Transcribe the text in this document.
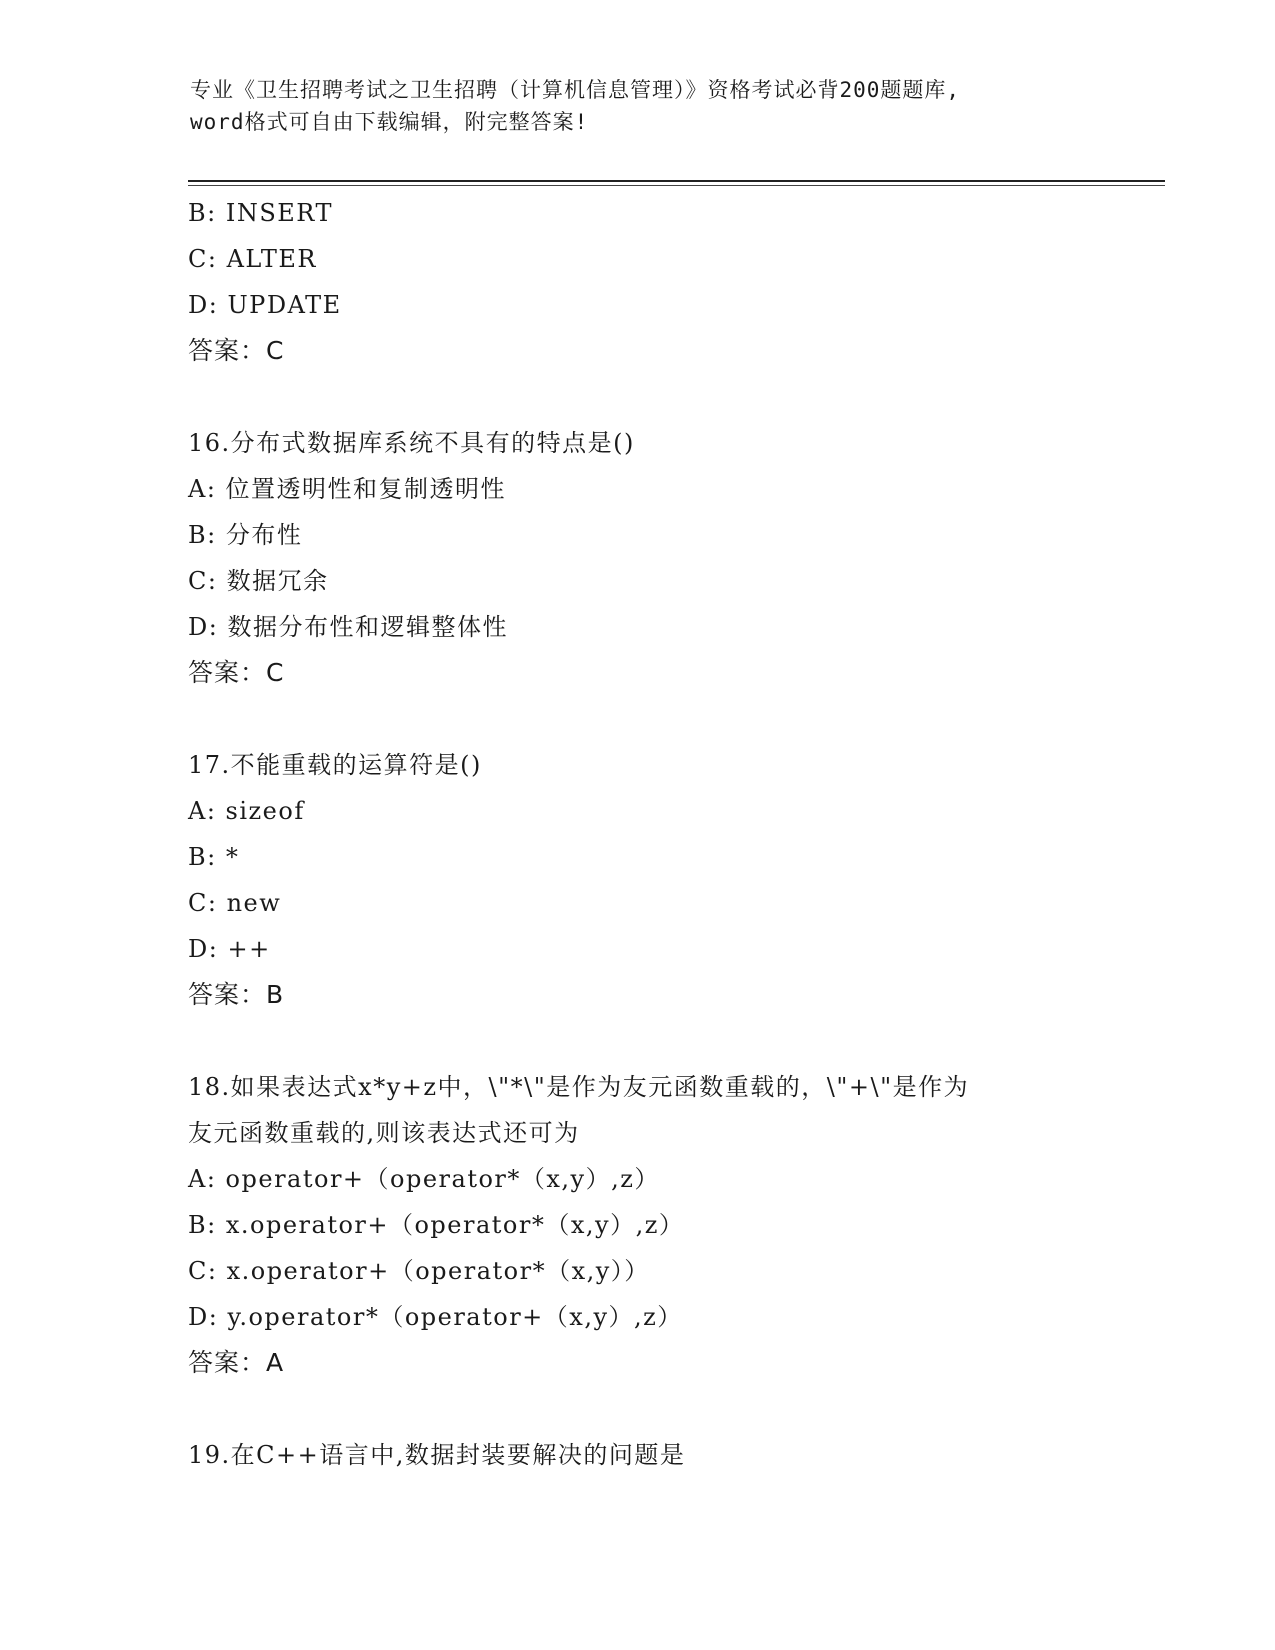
专业《卫生招聘考试之卫生招聘（计算机信息管理）》资格考试必背200题题库,
word格式可自由下载编辑，附完整答案!
B: INSERT
C: ALTER
D: UPDATE
答案：C
16.分布式数据库系统不具有的特点是()
A: 位置透明性和复制透明性
B: 分布性
C: 数据冗余
D: 数据分布性和逻辑整体性
答案：C
17.不能重载的运算符是()
A: sizeof
B: *
C: new
D: ++
答案：B
18.如果表达式x*y+z中，\"*\"是作为友元函数重载的，\"+\"是作为
友元函数重载的,则该表达式还可为
A: operator+（operator*（x,y）,z）
B: x.operator+（operator*（x,y）,z）
C: x.operator+（operator*（x,y））
D: y.operator*（operator+（x,y）,z）
答案：A
19.在C++语言中,数据封装要解决的问题是
